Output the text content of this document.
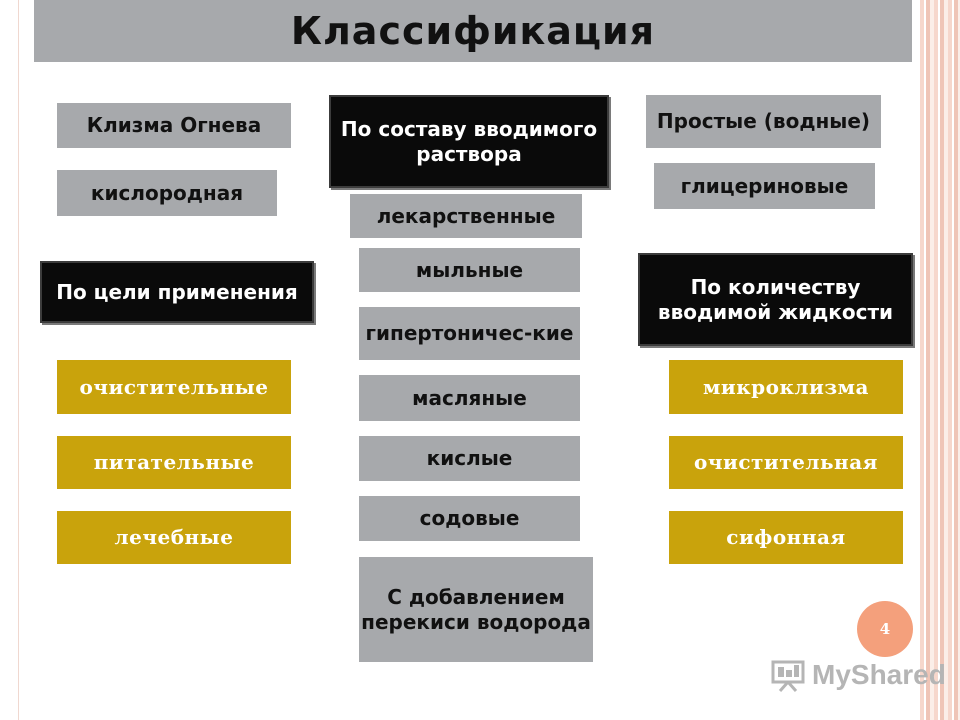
Классификация
Клизма Огнева
кислородная
По цели применения
очистительные
питательные
лечебные
По составу вводимого раствора
лекарственные
мыльные
гипертоничес-кие
масляные
кислые
содовые
С добавлением перекиси водорода
Простые (водные)
глицериновые
По количеству вводимой жидкости
микроклизма
очистительная
сифонная
4
MyShared
